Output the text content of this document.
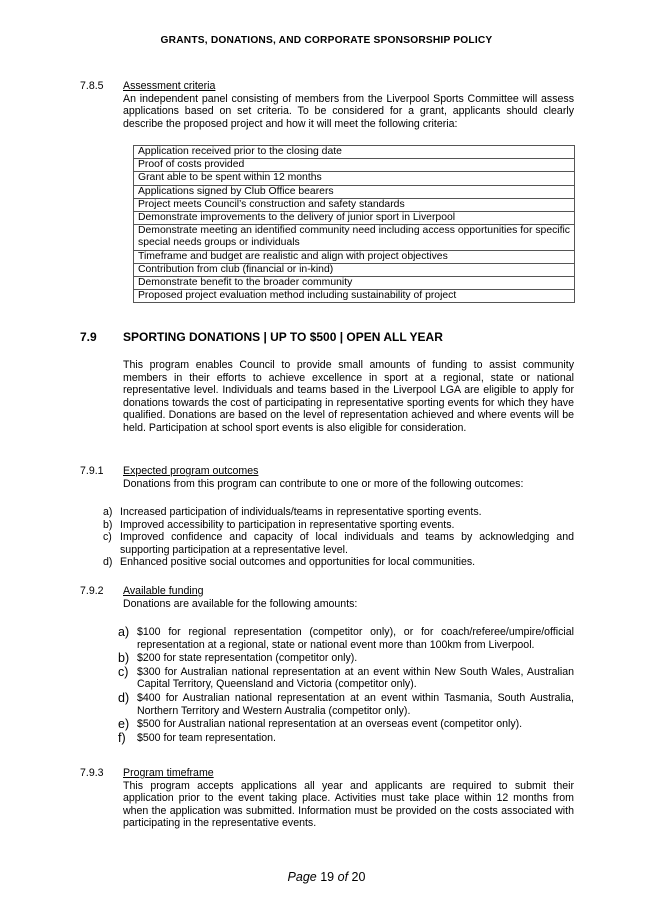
GRANTS, DONATIONS, AND CORPORATE SPONSORSHIP POLICY
7.8.5 Assessment criteria
An independent panel consisting of members from the Liverpool Sports Committee will assess applications based on set criteria. To be considered for a grant, applicants should clearly describe the proposed project and how it will meet the following criteria:
Application received prior to the closing date
Proof of costs provided
Grant able to be spent within 12 months
Applications signed by Club Office bearers
Project meets Council’s construction and safety standards
Demonstrate improvements to the delivery of junior sport in Liverpool
Demonstrate meeting an identified community need including access opportunities for specific special needs groups or individuals
Timeframe and budget are realistic and align with project objectives
Contribution from club (financial or in-kind)
Demonstrate benefit to the broader community
Proposed project evaluation method including sustainability of project
7.9 SPORTING DONATIONS | UP TO $500 | OPEN ALL YEAR
This program enables Council to provide small amounts of funding to assist community members in their efforts to achieve excellence in sport at a regional, state or national representative level. Individuals and teams based in the Liverpool LGA are eligible to apply for donations towards the cost of participating in representative sporting events for which they have qualified. Donations are based on the level of representation achieved and where events will be held. Participation at school sport events is also eligible for consideration.
7.9.1 Expected program outcomes
Donations from this program can contribute to one or more of the following outcomes:
a) Increased participation of individuals/teams in representative sporting events.
b) Improved accessibility to participation in representative sporting events.
c) Improved confidence and capacity of local individuals and teams by acknowledging and supporting participation at a representative level.
d) Enhanced positive social outcomes and opportunities for local communities.
7.9.2 Available funding
Donations are available for the following amounts:
a) $100 for regional representation (competitor only), or for coach/referee/umpire/official representation at a regional, state or national event more than 100km from Liverpool.
b) $200 for state representation (competitor only).
c) $300 for Australian national representation at an event within New South Wales, Australian Capital Territory, Queensland and Victoria (competitor only).
d) $400 for Australian national representation at an event within Tasmania, South Australia, Northern Territory and Western Australia (competitor only).
e) $500 for Australian national representation at an overseas event (competitor only).
f) $500 for team representation.
7.9.3 Program timeframe
This program accepts applications all year and applicants are required to submit their application prior to the event taking place. Activities must take place within 12 months from when the application was submitted. Information must be provided on the costs associated with participating in the representative events.
Page 19 of 20
